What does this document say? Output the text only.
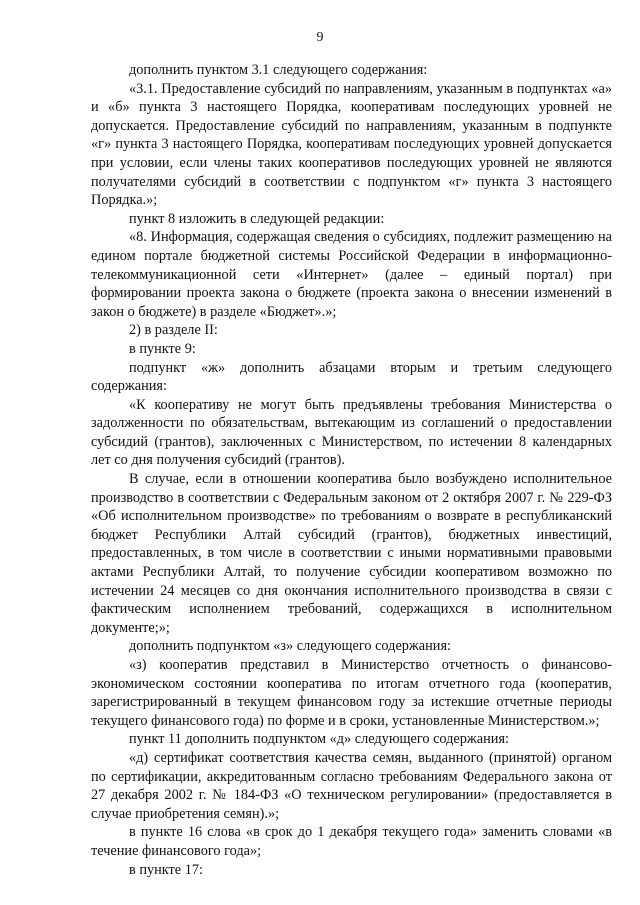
9

дополнить пунктом 3.1 следующего содержания:

«3.1. Предоставление субсидий по направлениям, указанным в подпунктах «а» и «б» пункта 3 настоящего Порядка, кооперативам последующих уровней не допускается. Предоставление субсидий по направлениям, указанным в подпункте «г» пункта 3 настоящего Порядка, кооперативам последующих уровней допускается при условии, если члены таких кооперативов последующих уровней не являются получателями субсидий в соответствии с подпунктом «г» пункта 3 настоящего Порядка.»;

пункт 8 изложить в следующей редакции:

«8. Информация, содержащая сведения о субсидиях, подлежит размещению на едином портале бюджетной системы Российской Федерации в информационно-телекоммуникационной сети «Интернет» (далее – единый портал) при формировании проекта закона о бюджете (проекта закона о внесении изменений в закон о бюджете) в разделе «Бюджет».»;

2) в разделе II:

в пункте 9:

подпункт «ж» дополнить абзацами вторым и третьим следующего содержания:

«К кооперативу не могут быть предъявлены требования Министерства о задолженности по обязательствам, вытекающим из соглашений о предоставлении субсидий (грантов), заключенных с Министерством, по истечении 8 календарных лет со дня получения субсидий (грантов).

В случае, если в отношении кооператива было возбуждено исполнительное производство в соответствии с Федеральным законом от 2 октября 2007 г. № 229-ФЗ «Об исполнительном производстве» по требованиям о возврате в республиканский бюджет Республики Алтай субсидий (грантов), бюджетных инвестиций, предоставленных, в том числе в соответствии с иными нормативными правовыми актами Республики Алтай, то получение субсидии кооперативом возможно по истечении 24 месяцев со дня окончания исполнительного производства в связи с фактическим исполнением требований, содержащихся в исполнительном документе;»;

дополнить подпунктом «з» следующего содержания:

«з) кооператив представил в Министерство отчетность о финансово-экономическом состоянии кооператива по итогам отчетного года (кооператив, зарегистрированный в текущем финансовом году за истекшие отчетные периоды текущего финансового года) по форме и в сроки, установленные Министерством.»;

пункт 11 дополнить подпунктом «д» следующего содержания:

«д) сертификат соответствия качества семян, выданного (принятой) органом по сертификации, аккредитованным согласно требованиям Федерального закона от 27 декабря 2002 г. № 184-ФЗ «О техническом регулировании» (предоставляется в случае приобретения семян).»;

в пункте 16 слова «в срок до 1 декабря текущего года» заменить словами «в течение финансового года»;

в пункте 17:
